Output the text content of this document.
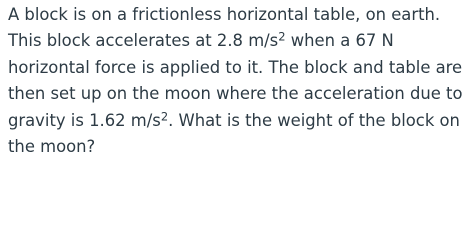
A block is on a frictionless horizontal table, on earth.
This block accelerates at 2.8 $m/s^2$ when a 67 N
horizontal force is applied to it. The block and table are
then set up on the moon where the acceleration due to
gravity is 1.62 $m/s^2$. What is the weight of the block on
the moon?
